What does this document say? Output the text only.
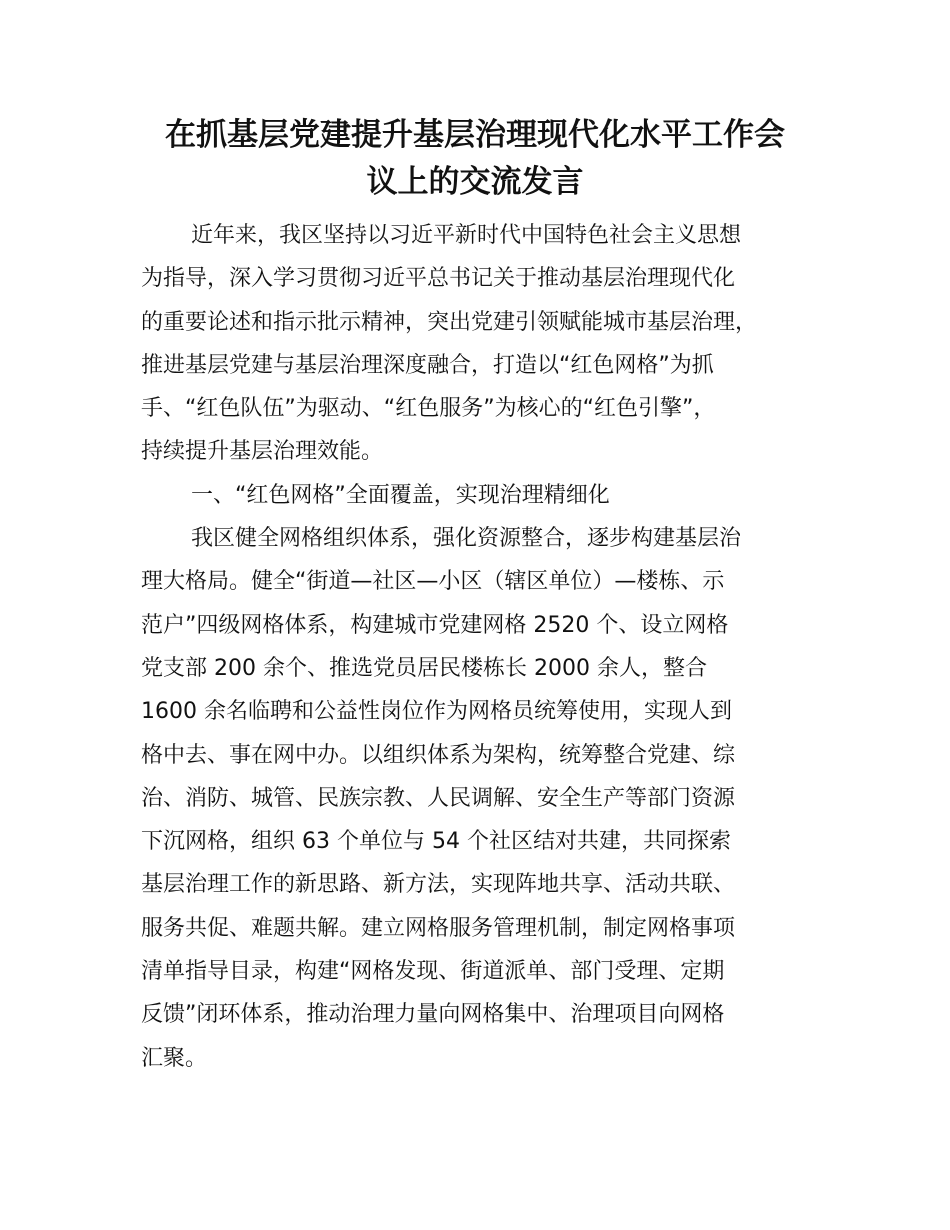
在抓基层党建提升基层治理现代化水平工作会
议上的交流发言
近年来，我区坚持以习近平新时代中国特色社会主义思想
为指导，深入学习贯彻习近平总书记关于推动基层治理现代化
的重要论述和指示批示精神，突出党建引领赋能城市基层治理，
推进基层党建与基层治理深度融合，打造以“红色网格”为抓
手、“红色队伍”为驱动、“红色服务”为核心的“红色引擎”，
持续提升基层治理效能。
一、“红色网格”全面覆盖，实现治理精细化
我区健全网格组织体系，强化资源整合，逐步构建基层治
理大格局。健全“街道—社区—小区（辖区单位）—楼栋、示
范户”四级网格体系，构建城市党建网格 2520 个、设立网格
党支部 200 余个、推选党员居民楼栋长 2000 余人，整合
1600 余名临聘和公益性岗位作为网格员统筹使用，实现人到
格中去、事在网中办。以组织体系为架构，统筹整合党建、综
治、消防、城管、民族宗教、人民调解、安全生产等部门资源
下沉网格，组织 63 个单位与 54 个社区结对共建，共同探索
基层治理工作的新思路、新方法，实现阵地共享、活动共联、
服务共促、难题共解。建立网格服务管理机制，制定网格事项
清单指导目录，构建“网格发现、街道派单、部门受理、定期
反馈”闭环体系，推动治理力量向网格集中、治理项目向网格
汇聚。
